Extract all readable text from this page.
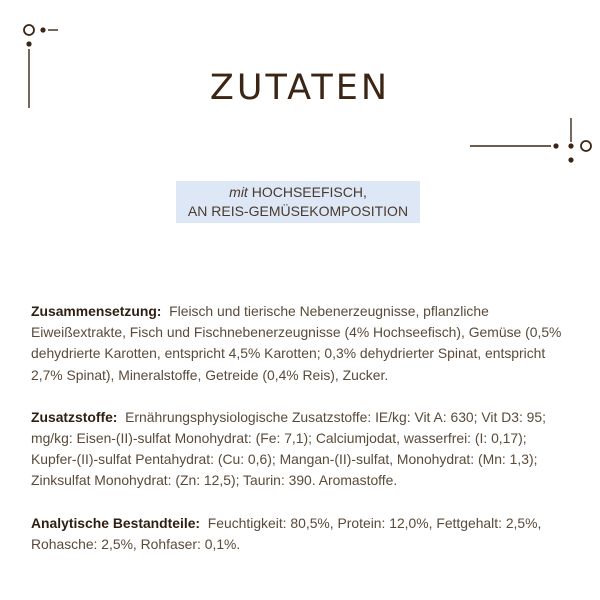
ZUTATEN
mit HOCHSEEFISCH,
AN REIS-GEMÜSEKOMPOSITION

Zusammensetzung:  Fleisch und tierische Nebenerzeugnisse, pflanzliche Eiweißextrakte, Fisch und Fischnebenerzeugnisse (4% Hochseefisch), Gemüse (0,5% dehydrierte Karotten, entspricht 4,5% Karotten; 0,3% dehydrierter Spinat, entspricht 2,7% Spinat), Mineralstoffe, Getreide (0,4% Reis), Zucker.

Zusatzstoffe:  Ernährungsphysiologische Zusatzstoffe: IE/kg: Vit A: 630; Vit D3: 95; mg/kg: Eisen-(II)-sulfat Monohydrat: (Fe: 7,1); Calciumjodat, wasserfrei: (I: 0,17); Kupfer-(II)-sulfat Pentahydrat: (Cu: 0,6); Mangan-(II)-sulfat, Monohydrat: (Mn: 1,3); Zinksulfat Monohydrat: (Zn: 12,5); Taurin: 390. Aromastoffe.

Analytische Bestandteile:  Feuchtigkeit: 80,5%, Protein: 12,0%, Fettgehalt: 2,5%, Rohasche: 2,5%, Rohfaser: 0,1%.
